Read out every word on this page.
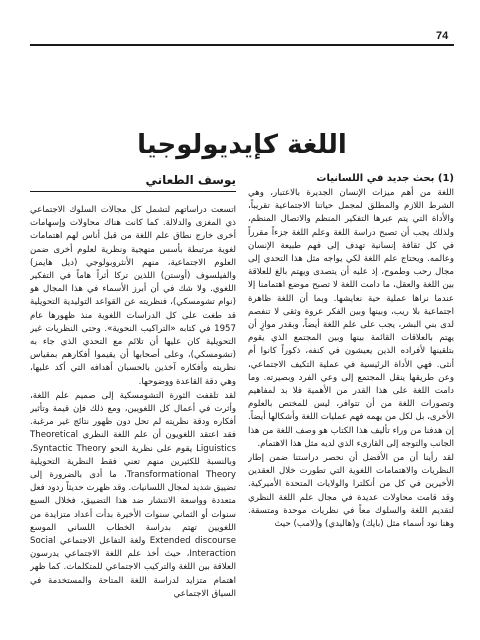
74
اللغة كإيديولوجيا

(1) بحث جديد في اللسانيات

اللغة من أهم ميزات الإنسان الجديرة بالاعتبار، وهي الشرط اللازم والمطلق لمجمل حياتنا الاجتماعية تقريباً، والأداة التي يتم عبرها التفكير المنظم والاتصال المنظم، ولذلك يجب أن تصبح دراسة اللغة وعلم اللغة جزءاً مقرراً في كل ثقافة إنسانية تهدف إلى فهم طبيعة الإنسان وعالمه. ويحتاج علم اللغة لكي يواجه مثل هذا التحدي إلى مجال رحب وطموح، إذ عليه أن يتصدى ويهتم بالغ للعلاقة بين اللغة والعقل، ما دامت اللغة لا تصبح موضع اهتمامنا إلا عندما نراها عملية حية نعايشها. وبما أن اللغة ظاهرة اجتماعية بلا ريب، وبينها وبين الفكر عروة وثقى لا تنفصم لدى بني البشر، يجب على علم اللغة أيضاً، وبقدر موازٍ أن يهتم بالعلاقات القائمة بينها وبين المجتمع الذي يقوم بتلقينها لأفراده الذين يعيشون في كنفه، ذكوراً كانوا أم أنثى. فهي الأداة الرئيسية في عملية التكيف الاجتماعي، وعن طريقها ينقل المجتمع إلى وعي الفرد وبصيرته. وما دامت اللغة على هذا القدر من الأهمية فلا بد لمفاهيم وتصورات اللغة من أن تتوافر، ليس للمختص بالعلوم الأخرى، بل لكل من يهمه فهم عمليات اللغة وأشكالها أيضاً. إن هدفنا من وراء تأليف هذا الكتاب هو وصف اللغة من هذا الجانب والتوجه إلى القارىء الذي لديه مثل هذا الاهتمام.

لقد رأينا أن من الأفضل أن نحصر دراستنا ضمن إطار النظريات والاهتمامات اللغوية التي تطورت خلال العقدين الأخيرين في كل من أنكلترا والولايات المتحدة الأميركية. وقد قامت محاولات عديدة في مجال علم اللغة النظري لتقديم اللغة والسلوك معاً في نظريات موحدة ومتسقة. وهنا نود أسماء مثل (بايك) و(هاليدي) و(لامب) حيث

يوسف الطعاني

اتسعت دراساتهم لتشمل كل مجالات السلوك الاجتماعي ذي المغزى والدلالة. كما كانت هناك محاولات وإسهامات أخرى خارج نطاق علم اللغة من قبل أناس لهم اهتمامات لغوية مرتبطة بأسس منهجية ونظرية لعلوم أخرى ضمن العلوم الاجتماعية، منهم الأنثروبولوجي (ديل هايمز) والفيلسوف (أوستن) اللذين تركا أثراً هاماً في التفكير اللغوي. ولا شك في أن أبرز الأسماء في هذا المجال هو (نوام تشومسكي)، فنظريته عن القواعد التوليدية التحويلية قد طغت على كل الدراسات اللغوية منذ ظهورها عام 1957 في كتابه «التراكيب النحوية». وحتى النظريات غير التحويلية كان عليها أن تلائم مع التحدي الذي جاء به (تشومسكي)، وعلى أصحابها أن يقيموا أفكارهم بمقياس نظريته وأفكاره آخذين بالحسبان أهدافه التي أكد عليها، وهي دقة القاعدة ووضوحها.

لقد تلقفت الثورة التشومسكية إلى صميم علم اللغة، وأثرت في أعمال كل اللغويين، ومع ذلك فإن قيمة وتأثير أفكاره ودقة نظريته لم تحل دون ظهور نتائج غير مرغبة. فقد اعتقد اللغويون أن علم اللغة النظري Theoretical Liguistics يقوم على نظرية النحو Syntactic Theory، وبالنسبة للكثيرين منهم تعني فقط النظرية التحويلية Transformational Theory، ما أدى بالضرورة إلى تضييق شديد لمجال اللسانيات. وقد ظهرت حديثاً ردود فعل متعددة وواسعة الانتشار ضد هذا التضييق، فخلال السبع سنوات أو الثماني سنوات الأخيرة بدأت أعداد متزايدة من اللغويين تهتم بدراسة الخطاب اللساني الموسع Extended discourse ولغة التفاعل الاجتماعي Social Interaction، حيث أخذ علم اللغة الاجتماعي يدرسون العلاقة بين اللغة والتركيب الاجتماعي للمتكلمات. كما ظهر اهتمام متزايد لدراسة اللغة المتاحة والمستخدمة في السياق الاجتماعي
